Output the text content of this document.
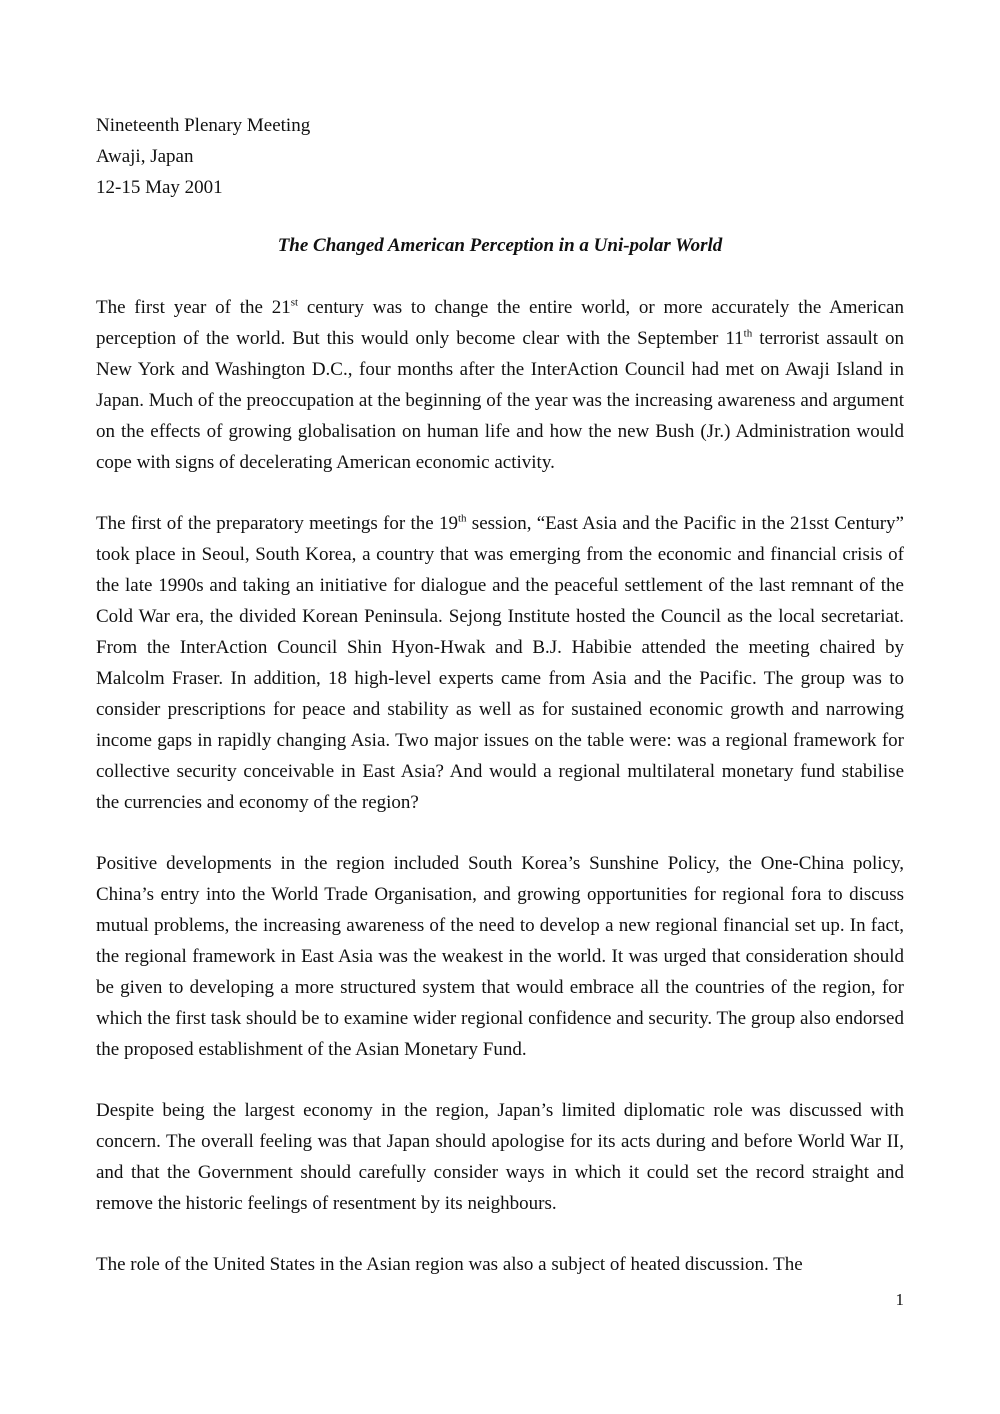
Nineteenth Plenary Meeting
Awaji, Japan
12-15 May 2001
The Changed American Perception in a Uni-polar World

The first year of the 21st century was to change the entire world, or more accurately the American perception of the world. But this would only become clear with the September 11th terrorist assault on New York and Washington D.C., four months after the InterAction Council had met on Awaji Island in Japan. Much of the preoccupation at the beginning of the year was the increasing awareness and argument on the effects of growing globalisation on human life and how the new Bush (Jr.) Administration would cope with signs of decelerating American economic activity.

The first of the preparatory meetings for the 19th session, “East Asia and the Pacific in the 21sst Century” took place in Seoul, South Korea, a country that was emerging from the economic and financial crisis of the late 1990s and taking an initiative for dialogue and the peaceful settlement of the last remnant of the Cold War era, the divided Korean Peninsula. Sejong Institute hosted the Council as the local secretariat. From the InterAction Council Shin Hyon-Hwak and B.J. Habibie attended the meeting chaired by Malcolm Fraser. In addition, 18 high-level experts came from Asia and the Pacific. The group was to consider prescriptions for peace and stability as well as for sustained economic growth and narrowing income gaps in rapidly changing Asia. Two major issues on the table were: was a regional framework for collective security conceivable in East Asia? And would a regional multilateral monetary fund stabilise the currencies and economy of the region?

Positive developments in the region included South Korea’s Sunshine Policy, the One-China policy, China’s entry into the World Trade Organisation, and growing opportunities for regional fora to discuss mutual problems, the increasing awareness of the need to develop a new regional financial set up. In fact, the regional framework in East Asia was the weakest in the world. It was urged that consideration should be given to developing a more structured system that would embrace all the countries of the region, for which the first task should be to examine wider regional confidence and security. The group also endorsed the proposed establishment of the Asian Monetary Fund.

Despite being the largest economy in the region, Japan’s limited diplomatic role was discussed with concern. The overall feeling was that Japan should apologise for its acts during and before World War II, and that the Government should carefully consider ways in which it could set the record straight and remove the historic feelings of resentment by its neighbours.

The role of the United States in the Asian region was also a subject of heated discussion. The

1
